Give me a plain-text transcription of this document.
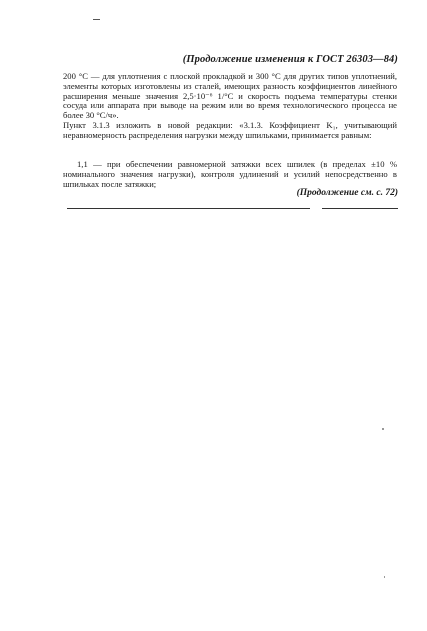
(Продолжение изменения к ГОСТ 26303—84)

200 °C — для уплотнения с плоской прокладкой и 300 °C для других типов уплотнений, элементы которых изготовлены из сталей, имеющих разность коэффициентов линейного расширения меньше значения 2,5·10⁻⁶ 1/°C и скорость подъема температуры стенки сосуда или аппарата при выводе на режим или во время технологического процесса не более 30 °C/ч».

Пункт 3.1.3 изложить в новой редакции: «3.1.3. Коэффициент K₁, учитывающий неравномерность распределения нагрузки между шпильками, принимается равным:

1,1 — при обеспечении равномерной затяжки всех шпилек (в пределах ±10 % номинального значения нагрузки), контроля удлинений и усилий непосредственно в шпильках после затяжки;

(Продолжение см. с. 72)
